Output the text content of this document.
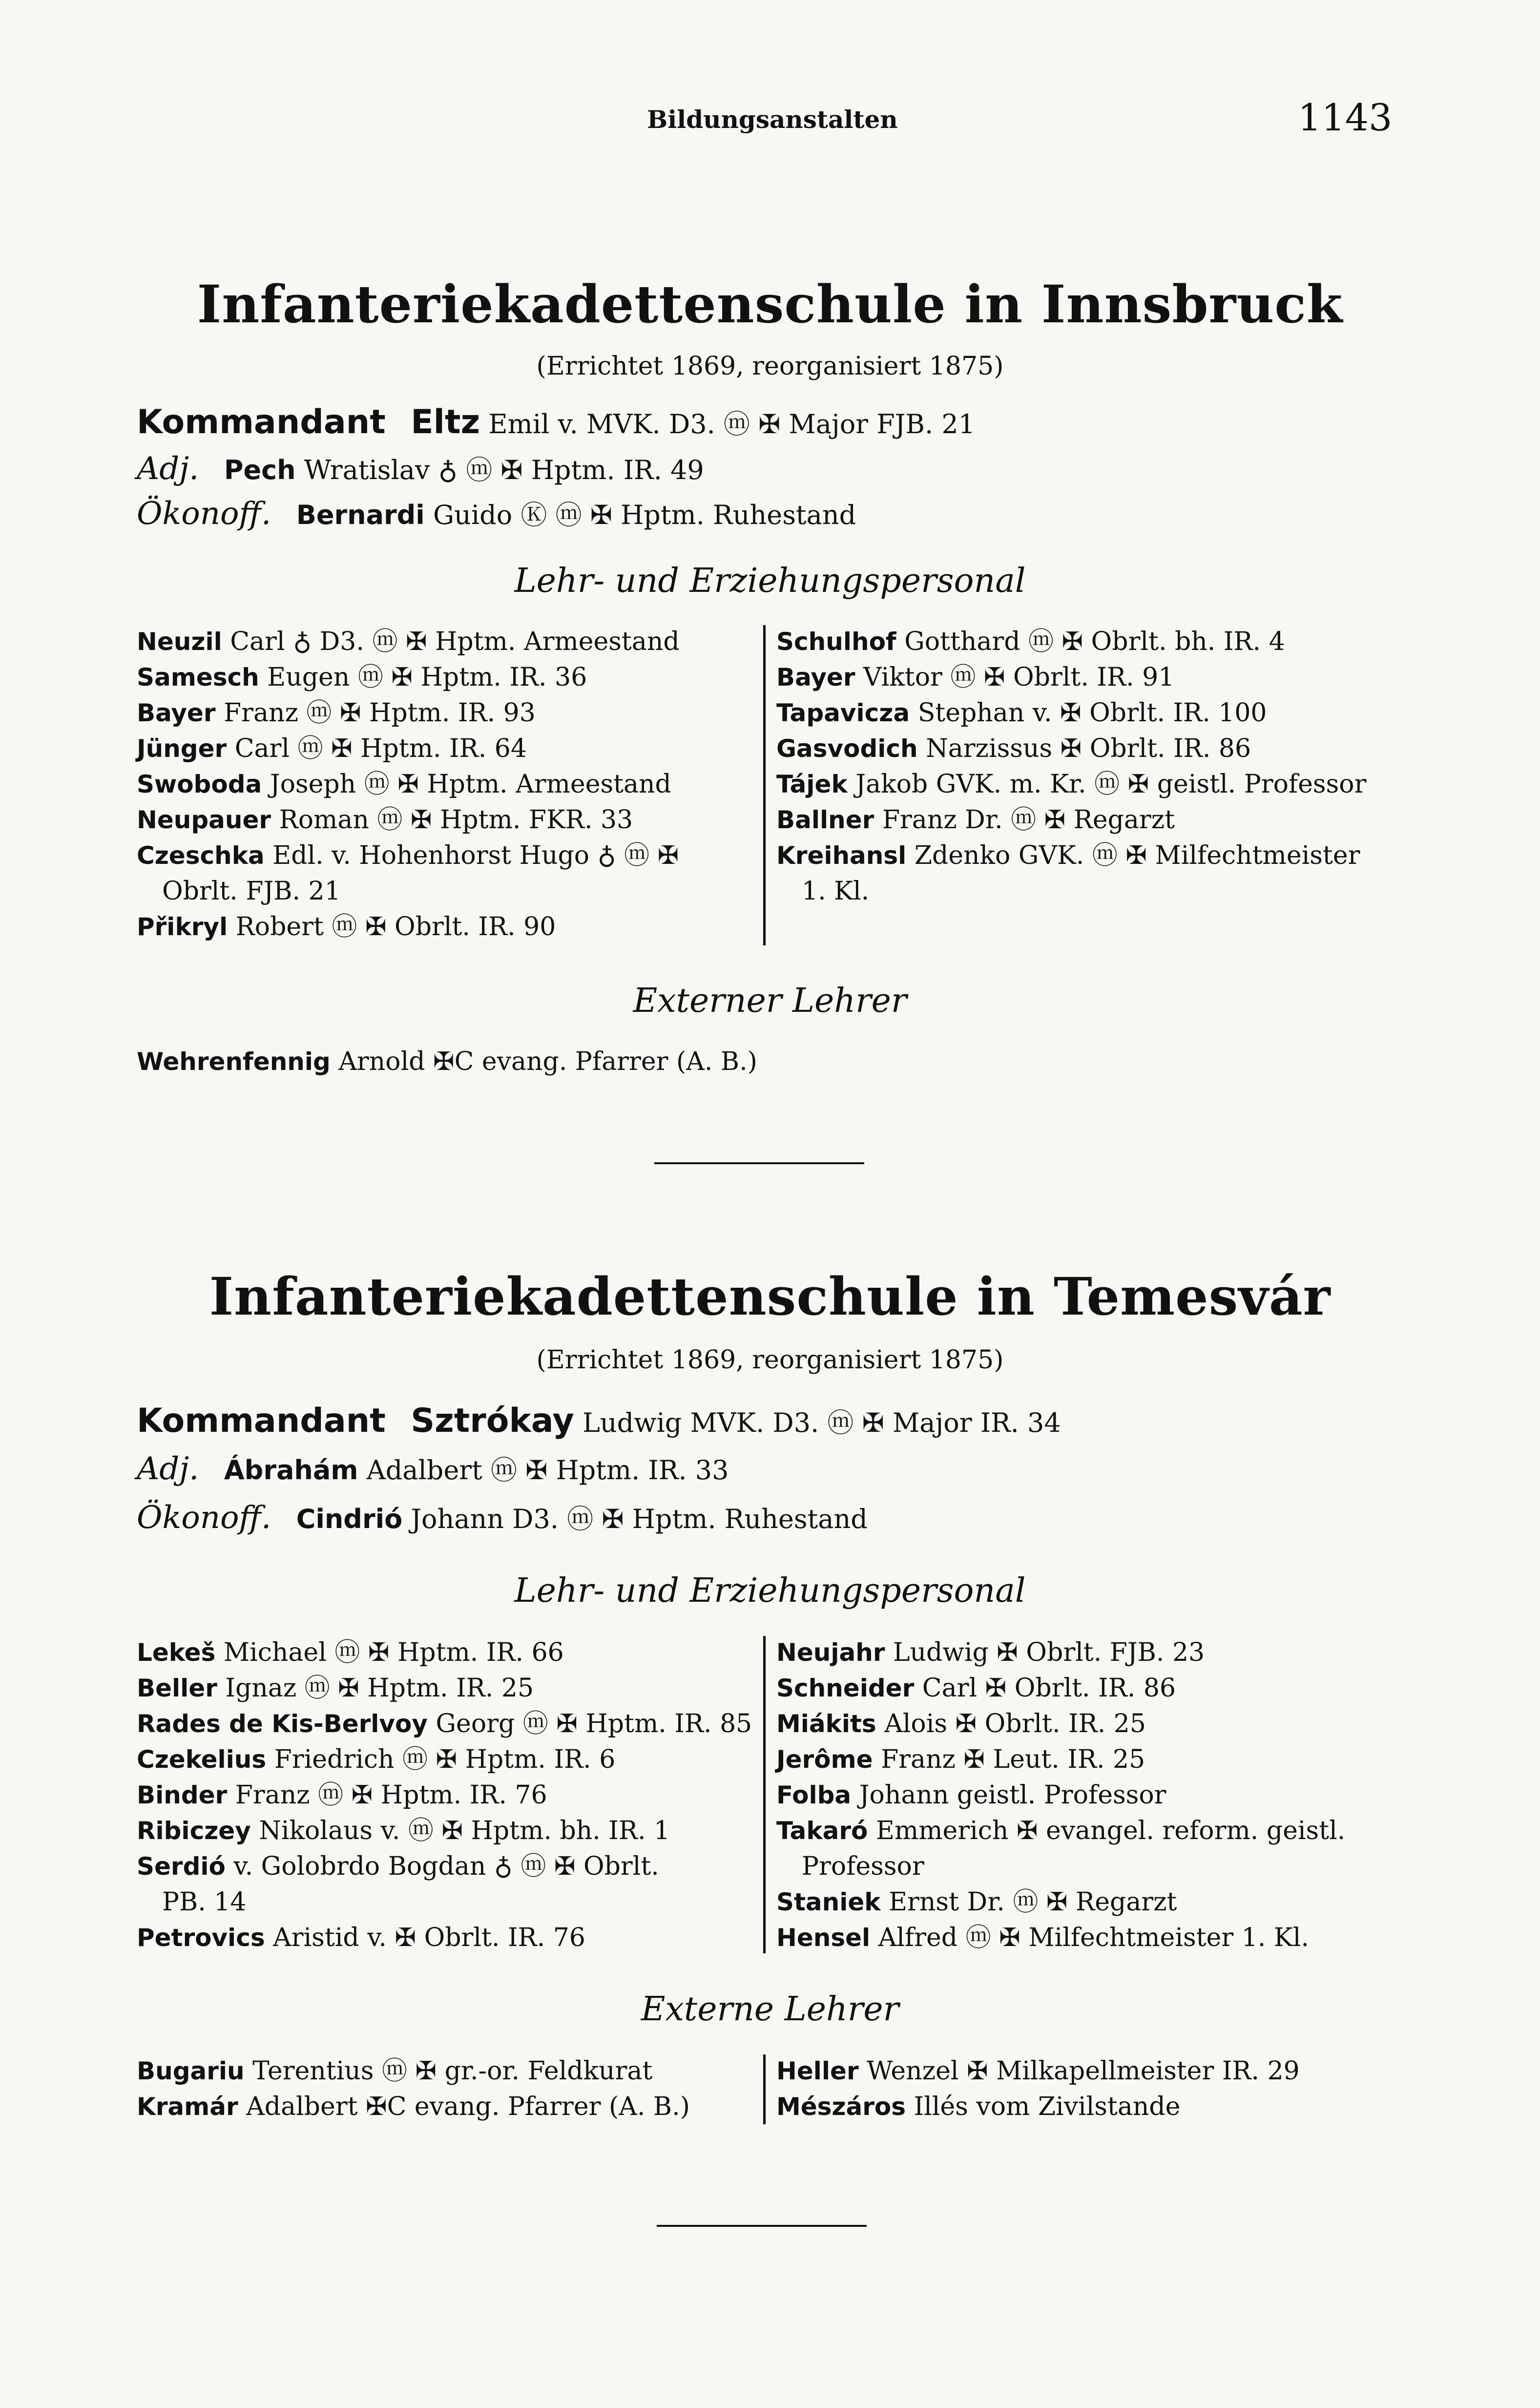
Bildungsanstalten	1143
Infanteriekadettenschule in Innsbruck
(Errichtet 1869, reorganisiert 1875)
Kommandant Eltz Emil v. MVK. D3. ⓜ ✠ Major FJB. 21
Adj. Pech Wratislav ♁ ⓜ ✠ Hptm. IR. 49
Ökonoff. Bernardi Guido Ⓚ ⓜ ✠ Hptm. Ruhestand
Lehr- und Erziehungspersonal
Neuzil Carl ♁ D3. ⓜ ✠ Hptm. Armeestand
Samesch Eugen ⓜ ✠ Hptm. IR. 36
Bayer Franz ⓜ ✠ Hptm. IR. 93
Jünger Carl ⓜ ✠ Hptm. IR. 64
Swoboda Joseph ⓜ ✠ Hptm. Armeestand
Neupauer Roman ⓜ ✠ Hptm. FKR. 33
Czeschka Edl. v. Hohenhorst Hugo ♁ ⓜ ✠
Obrlt. FJB. 21
Přikryl Robert ⓜ ✠ Obrlt. IR. 90
Schulhof Gotthard ⓜ ✠ Obrlt. bh. IR. 4
Bayer Viktor ⓜ ✠ Obrlt. IR. 91
Tapavicza Stephan v. ✠ Obrlt. IR. 100
Gasvodich Narzissus ✠ Obrlt. IR. 86
Tájek Jakob GVK. m. Kr. ⓜ ✠ geistl. Professor
Ballner Franz Dr. ⓜ ✠ Regarzt
Kreihansl Zdenko GVK. ⓜ ✠ Milfechtmeister
1. Kl.
Externer Lehrer
Wehrenfennig Arnold ✠C evang. Pfarrer (A. B.)
Infanteriekadettenschule in Temesvár
(Errichtet 1869, reorganisiert 1875)
Kommandant Sztrókay Ludwig MVK. D3. ⓜ ✠ Major IR. 34
Adj. Ábrahám Adalbert ⓜ ✠ Hptm. IR. 33
Ökonoff. Cindrió Johann D3. ⓜ ✠ Hptm. Ruhestand
Lehr- und Erziehungspersonal
Lekeš Michael ⓜ ✠ Hptm. IR. 66
Beller Ignaz ⓜ ✠ Hptm. IR. 25
Rades de Kis-Berlvoy Georg ⓜ ✠ Hptm. IR. 85
Czekelius Friedrich ⓜ ✠ Hptm. IR. 6
Binder Franz ⓜ ✠ Hptm. IR. 76
Ribiczey Nikolaus v. ⓜ ✠ Hptm. bh. IR. 1
Serdió v. Golobrdo Bogdan ♁ ⓜ ✠ Obrlt.
PB. 14
Petrovics Aristid v. ✠ Obrlt. IR. 76
Neujahr Ludwig ✠ Obrlt. FJB. 23
Schneider Carl ✠ Obrlt. IR. 86
Miákits Alois ✠ Obrlt. IR. 25
Jerôme Franz ✠ Leut. IR. 25
Folba Johann geistl. Professor
Takaró Emmerich ✠ evangel. reform. geistl.
Professor
Staniek Ernst Dr. ⓜ ✠ Regarzt
Hensel Alfred ⓜ ✠ Milfechtmeister 1. Kl.
Externe Lehrer
Bugariu Terentius ⓜ ✠ gr.-or. Feldkurat
Kramár Adalbert ✠C evang. Pfarrer (A. B.)
Heller Wenzel ✠ Milkapellmeister IR. 29
Mészáros Illés vom Zivilstande
